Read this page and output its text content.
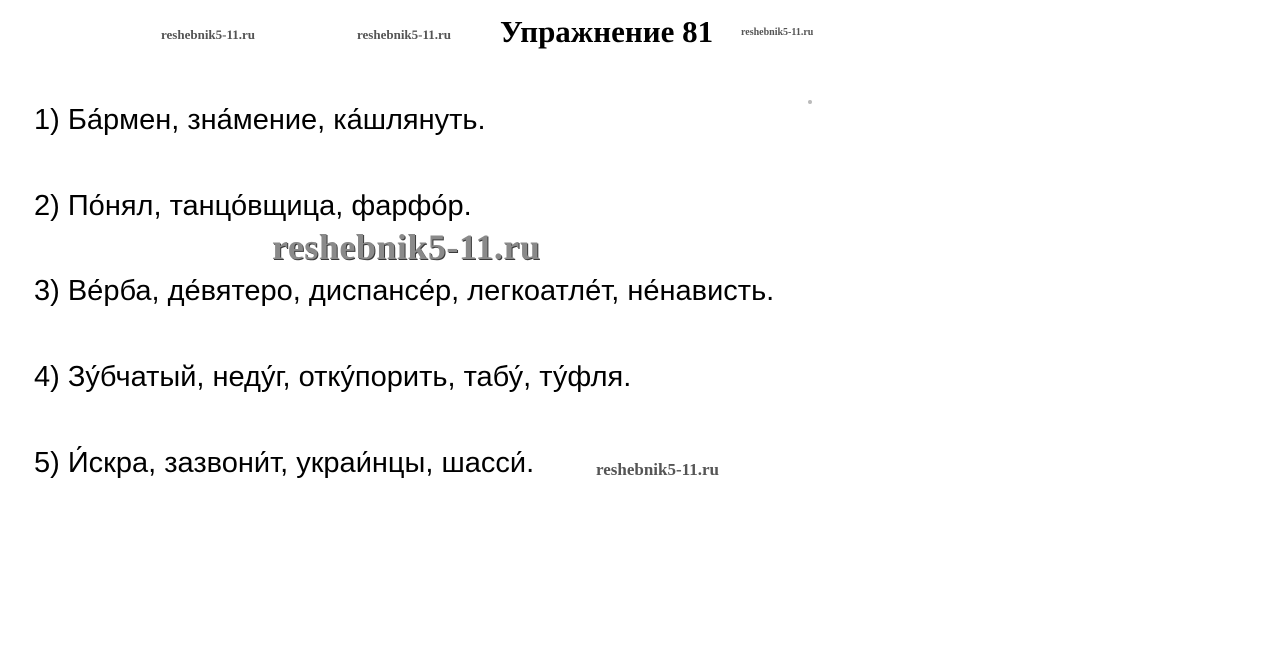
reshebnik5-11.ru	reshebnik5-11.ru Упражнение 81	reshebnik5-11.ru
1) Ба́рмен, зна́мение, ка́шлянуть.
2) По́нял, танцо́вщица, фарфо́р.
reshebnik5-11.ru
3) Ве́рба, де́вятеро, диспансе́р, легкоатле́т, не́нависть.
4) Зу́бчатый, неду́г, отку́порить, табу́, ту́фля.
5) И́скра, зазвони́т, украи́нцы, шасси́.	reshebnik5-11.ru
